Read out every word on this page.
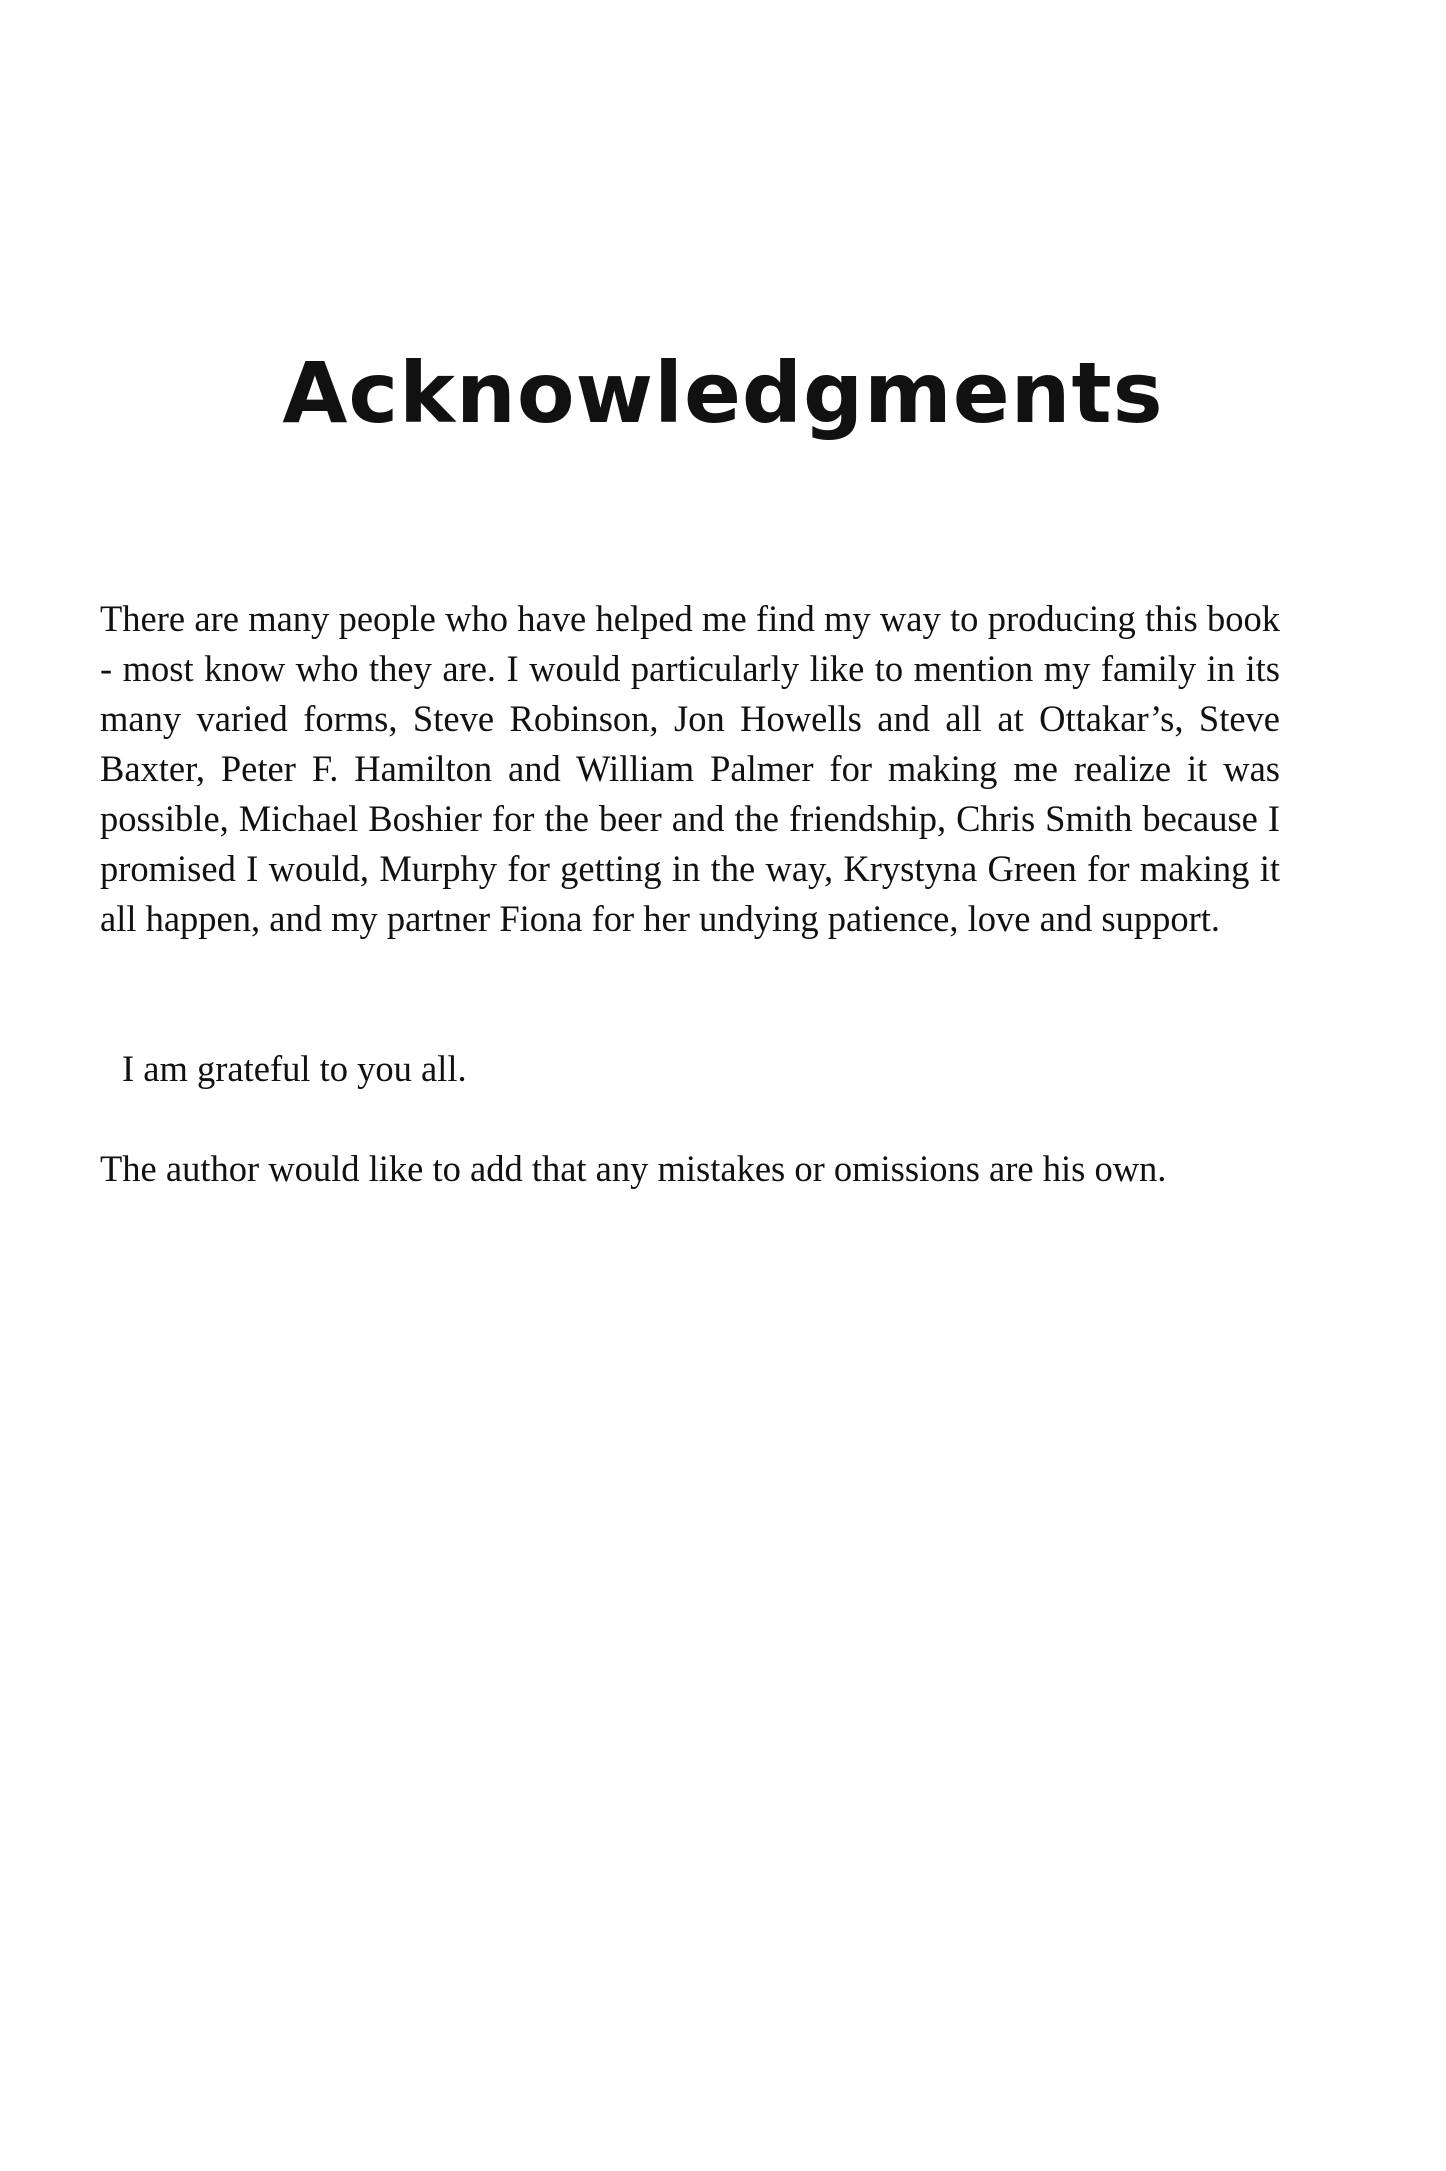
Acknowledgments

There are many people who have helped me find my way to producing this book - most know who they are. I would particularly like to mention my family in its many varied forms, Steve Robinson, Jon Howells and all at Ottakar’s, Steve Baxter, Peter F. Hamilton and William Palmer for making me realize it was possible, Michael Boshier for the beer and the friendship, Chris Smith because I promised I would, Murphy for getting in the way, Krystyna Green for making it all happen, and my partner Fiona for her undying patience, love and support.

I am grateful to you all.

The author would like to add that any mistakes or omissions are his own.
